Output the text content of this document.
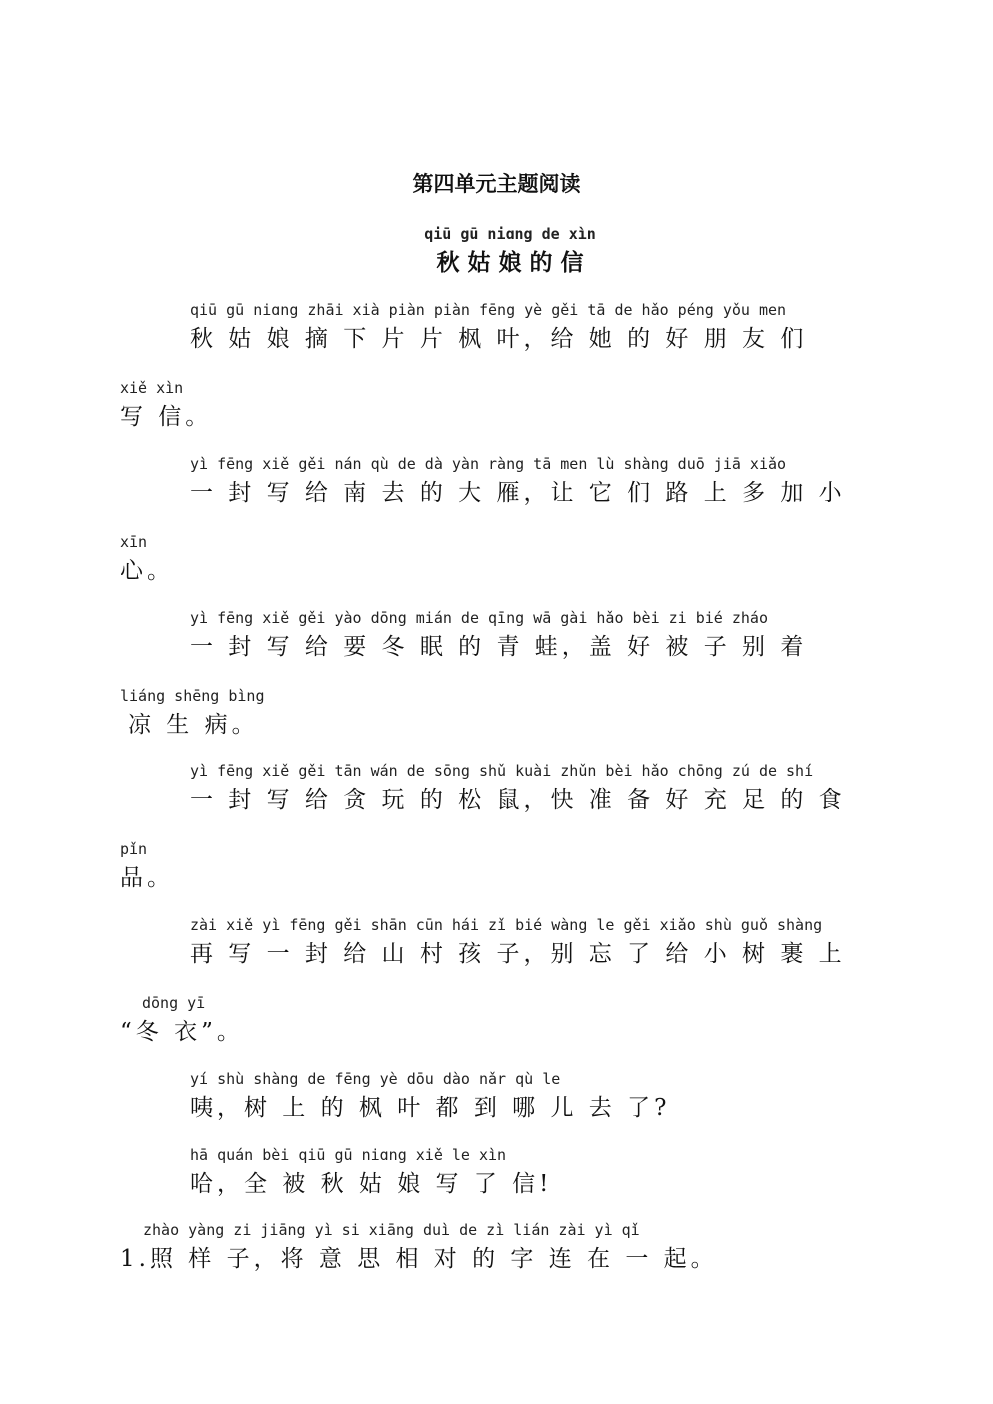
第四单元主题阅读
qiū gū niɑng de xìn
秋 姑 娘 的 信
qiū gū niɑng zhāi xià piàn piàn fēng yè gěi tā de hǎo péng yǒu men
秋 姑 娘 摘 下 片 片 枫 叶，给 她 的 好 朋 友 们
xiě xìn
写 信。
yì fēng xiě gěi nán qù de dà yàn ràng tā men lù shàng duō jiā xiǎo
一 封 写 给 南 去 的 大 雁，让 它 们 路 上 多 加 小
xīn
心。
yì fēng xiě gěi yào dōng mián de qīng wā gài hǎo bèi zi bié zháo
一 封 写 给 要 冬 眠 的 青 蛙，盖 好 被 子 别 着
liáng shēng bìng
凉 生 病。
yì fēng xiě gěi tān wán de sōng shǔ kuài zhǔn bèi hǎo chōng zú de shí
一 封 写 给 贪 玩 的 松 鼠，快 准 备 好 充 足 的 食
pǐn
品。
zài xiě yì fēng gěi shān cūn hái zǐ bié wàng le gěi xiǎo shù guǒ shàng
再 写 一 封 给 山 村 孩 子，别 忘 了 给 小 树 裹 上
dōng yī
“冬 衣”。
yí shù shàng de fēng yè dōu dào nǎr qù le
咦，树 上 的 枫 叶 都 到 哪 儿 去 了?
hā quán bèi qiū gū niɑng xiě le xìn
哈，全 被 秋 姑 娘 写 了 信!
zhào yàng zi jiāng yì si xiāng duì de zì lián zài yì qǐ
1.照 样 子，将 意 思 相 对 的 字 连 在 一 起。
